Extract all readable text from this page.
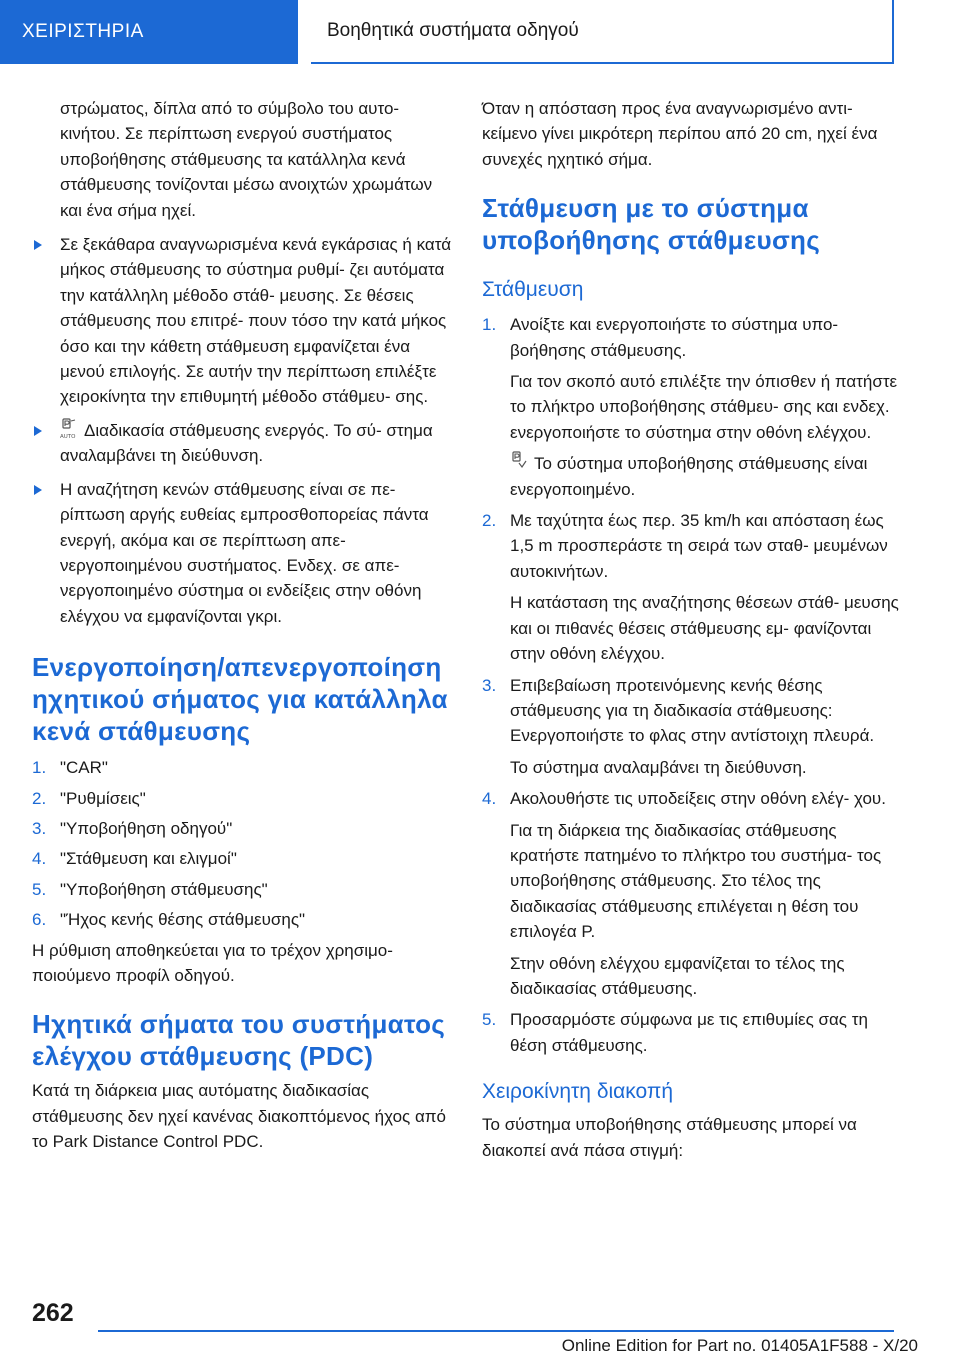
ΧΕΙΡΙΣΤΗΡΙΑ	Βοηθητικά συστήματα οδηγού

στρώματος, δίπλα από το σύμβολο του αυτο‐ κινήτου. Σε περίπτωση ενεργού συστήματος υποβοήθησης στάθμευσης τα κατάλληλα κενά στάθμευσης τονίζονται μέσω ανοιχτών χρωμάτων και ένα σήμα ηχεί.

Σε ξεκάθαρα αναγνωρισμένα κενά εγκάρσιας ή κατά μήκος στάθμευσης το σύστημα ρυθμί‐ ζει αυτόματα την κατάλληλη μέθοδο στάθ‐ μευσης. Σε θέσεις στάθμευσης που επιτρέ‐ πουν τόσο την κατά μήκος όσο και την κάθετη στάθμευση εμφανίζεται ένα μενού επιλογής. Σε αυτήν την περίπτωση επιλέξτε χειροκίνητα την επιθυμητή μέθοδο στάθμευ‐ σης.

AUTO Διαδικασία στάθμευσης ενεργός. Το σύ‐ στημα αναλαμβάνει τη διεύθυνση.

Η αναζήτηση κενών στάθμευσης είναι σε πε‐ ρίπτωση αργής ευθείας εμπροσθοπορείας πάντα ενεργή, ακόμα και σε περίπτωση απε‐ νεργοποιημένου συστήματος. Ενδεχ. σε απε‐ νεργοποιημένο σύστημα οι ενδείξεις στην οθόνη ελέγχου να εμφανίζονται γκρι.

Ενεργοποίηση/απενεργοποίηση ηχητικού σήματος για κατάλληλα κενά στάθμευσης
1. "CAR"
2. "Ρυθμίσεις"
3. "Υποβοήθηση οδηγού"
4. "Στάθμευση και ελιγμοί"
5. "Υποβοήθηση στάθμευσης"
6. "Ήχος κενής θέσης στάθμευσης"

Η ρύθμιση αποθηκεύεται για το τρέχον χρησιμο‐ ποιούμενο προφίλ οδηγού.

Ηχητικά σήματα του συστήματος ελέγχου στάθμευσης (PDC)

Κατά τη διάρκεια μιας αυτόματης διαδικασίας στάθμευσης δεν ηχεί κανένας διακοπτόμενος ήχος από το Park Distance Control PDC.

Όταν η απόσταση προς ένα αναγνωρισμένο αντι‐ κείμενο γίνει μικρότερη περίπου από 20 cm, ηχεί ένα συνεχές ηχητικό σήμα.

Στάθμευση με το σύστημα υποβοήθησης στάθμευσης
Στάθμευση
1. Ανοίξτε και ενεργοποιήστε το σύστημα υπο‐ βοήθησης στάθμευσης.

Για τον σκοπό αυτό επιλέξτε την όπισθεν ή πατήστε το πλήκτρο υποβοήθησης στάθμευ‐ σης και ενδεχ. ενεργοποιήστε το σύστημα στην οθόνη ελέγχου.

Το σύστημα υποβοήθησης στάθμευσης είναι ενεργοποιημένο.

2. Με ταχύτητα έως περ. 35 km/h και απόσταση έως 1,5 m προσπεράστε τη σειρά των σταθ‐ μευμένων αυτοκινήτων.

Η κατάσταση της αναζήτησης θέσεων στάθ‐ μευσης και οι πιθανές θέσεις στάθμευσης εμ‐ φανίζονται στην οθόνη ελέγχου.

3. Επιβεβαίωση προτεινόμενης κενής θέσης στάθμευσης για τη διαδικασία στάθμευσης: Ενεργοποιήστε το φλας στην αντίστοιχη πλευρά.

Το σύστημα αναλαμβάνει τη διεύθυνση.

4. Ακολουθήστε τις υποδείξεις στην οθόνη ελέγ‐ χου.

Για τη διάρκεια της διαδικασίας στάθμευσης κρατήστε πατημένο το πλήκτρο του συστήμα‐ τος υποβοήθησης στάθμευσης. Στο τέλος της διαδικασίας στάθμευσης επιλέγεται η θέση του επιλογέα P.

Στην οθόνη ελέγχου εμφανίζεται το τέλος της διαδικασίας στάθμευσης.

5. Προσαρμόστε σύμφωνα με τις επιθυμίες σας τη θέση στάθμευσης.

Χειροκίνητη διακοπή

Το σύστημα υποβοήθησης στάθμευσης μπορεί να διακοπεί ανά πάσα στιγμή:

262
Online Edition for Part no. 01405A1F588 - X/20
